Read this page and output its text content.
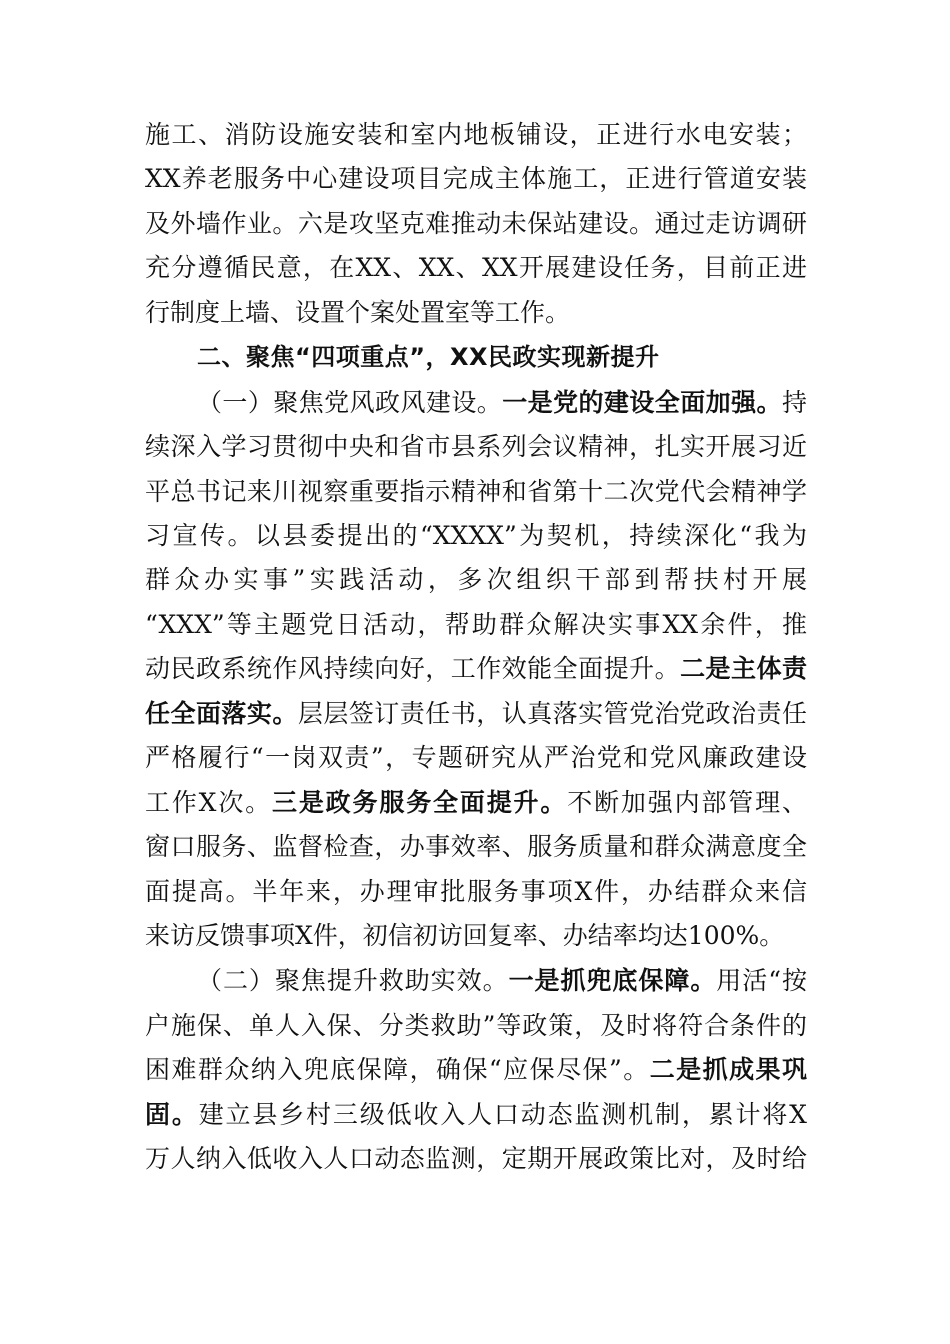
施工、消防设施安装和室内地板铺设，正进行水电安装；
XX养老服务中心建设项目完成主体施工，正进行管道安装
及外墙作业。六是攻坚克难推动未保站建设。通过走访调研
充分遵循民意，在XX、XX、XX开展建设任务，目前正进
行制度上墙、设置个案处置室等工作。
二、聚焦“四项重点”，XX民政实现新提升
（一）聚焦党风政风建设。一是党的建设全面加强。持
续深入学习贯彻中央和省市县系列会议精神，扎实开展习近
平总书记来川视察重要指示精神和省第十二次党代会精神学
习宣传。以县委提出的“XXXX”为契机，持续深化“我为
群众办实事”实践活动，多次组织干部到帮扶村开展
“XXX”等主题党日活动，帮助群众解决实事XX余件，推
动民政系统作风持续向好，工作效能全面提升。二是主体责
任全面落实。层层签订责任书，认真落实管党治党政治责任
严格履行“一岗双责”，专题研究从严治党和党风廉政建设
工作X次。三是政务服务全面提升。不断加强内部管理、
窗口服务、监督检查，办事效率、服务质量和群众满意度全
面提高。半年来，办理审批服务事项X件，办结群众来信
来访反馈事项X件，初信初访回复率、办结率均达100%。
（二）聚焦提升救助实效。一是抓兜底保障。用活“按
户施保、单人入保、分类救助”等政策，及时将符合条件的
困难群众纳入兜底保障，确保“应保尽保”。二是抓成果巩
固。建立县乡村三级低收入人口动态监测机制，累计将X
万人纳入低收入人口动态监测，定期开展政策比对，及时给
